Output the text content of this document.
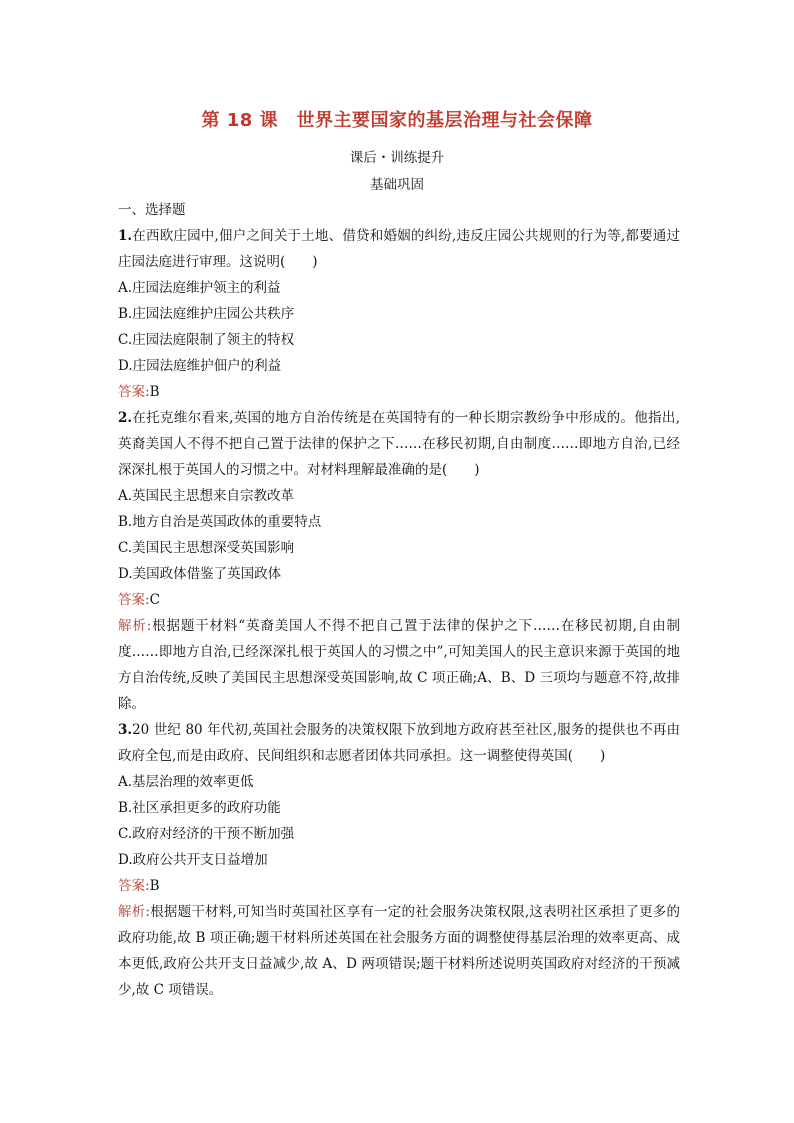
第 18 课　世界主要国家的基层治理与社会保障
课后・训练提升
基础巩固

一、选择题

1.在西欧庄园中,佃户之间关于土地、借贷和婚姻的纠纷,违反庄园公共规则的行为等,都要通过庄园法庭进行审理。这说明(　　)

A.庄园法庭维护领主的利益

B.庄园法庭维护庄园公共秩序

C.庄园法庭限制了领主的特权

D.庄园法庭维护佃户的利益

答案:B

2.在托克维尔看来,英国的地方自治传统是在英国特有的一种长期宗教纷争中形成的。他指出,英裔美国人不得不把自己置于法律的保护之下……在移民初期,自由制度……即地方自治,已经深深扎根于英国人的习惯之中。对材料理解最准确的是(　　)

A.英国民主思想来自宗教改革

B.地方自治是英国政体的重要特点

C.美国民主思想深受英国影响

D.美国政体借鉴了英国政体

答案:C

解析:根据题干材料“英裔美国人不得不把自己置于法律的保护之下……在移民初期,自由制度……即地方自治,已经深深扎根于英国人的习惯之中”,可知美国人的民主意识来源于英国的地方自治传统,反映了美国民主思想深受英国影响,故 C 项正确;A、B、D 三项均与题意不符,故排除。

3.20 世纪 80 年代初,英国社会服务的决策权限下放到地方政府甚至社区,服务的提供也不再由政府全包,而是由政府、民间组织和志愿者团体共同承担。这一调整使得英国(　　)

A.基层治理的效率更低

B.社区承担更多的政府功能

C.政府对经济的干预不断加强

D.政府公共开支日益增加

答案:B

解析:根据题干材料,可知当时英国社区享有一定的社会服务决策权限,这表明社区承担了更多的政府功能,故 B 项正确;题干材料所述英国在社会服务方面的调整使得基层治理的效率更高、成本更低,政府公共开支日益减少,故 A、D 两项错误;题干材料所述说明英国政府对经济的干预减少,故 C 项错误。
